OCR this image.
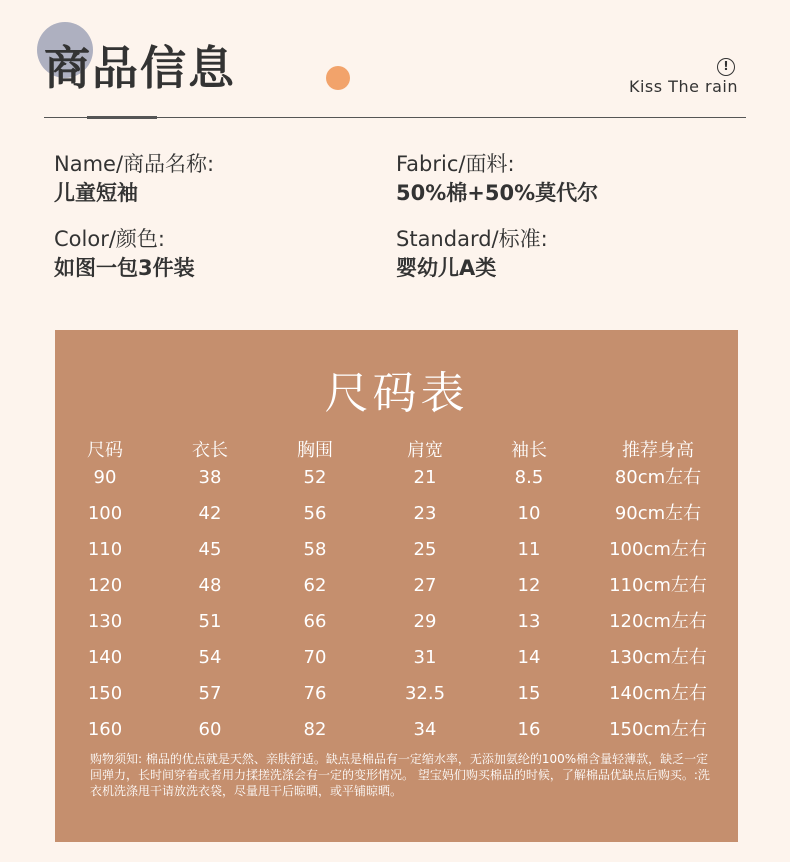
商品信息	!
Kiss The rain
Name/商品名称:
儿童短袖
Fabric/面料:
50%棉+50%莫代尔
Color/颜色:
如图一包3件装
Standard/标准:
婴幼儿A类
尺码表
尺码	衣长	胸围	肩宽	袖长	推荐身高
90	38	52	21	8.5	80cm左右
100	42	56	23	10	90cm左右
110	45	58	25	11	100cm左右
120	48	62	27	12	110cm左右
130	51	66	29	13	120cm左右
140	54	70	31	14	130cm左右
150	57	76	32.5	15	140cm左右
160	60	82	34	16	150cm左右
购物须知: 棉品的优点就是天然、亲肤舒适。缺点是棉品有一定缩水率，无添加氨纶的100%棉含量轻薄款，缺乏一定回弹力，长时间穿着或者用力揉搓洗涤会有一定的变形情况。 望宝妈们购买棉品的时候，了解棉品优缺点后购买。:洗衣机洗涤甩干请放洗衣袋，尽量甩干后晾晒，或平铺晾晒。
